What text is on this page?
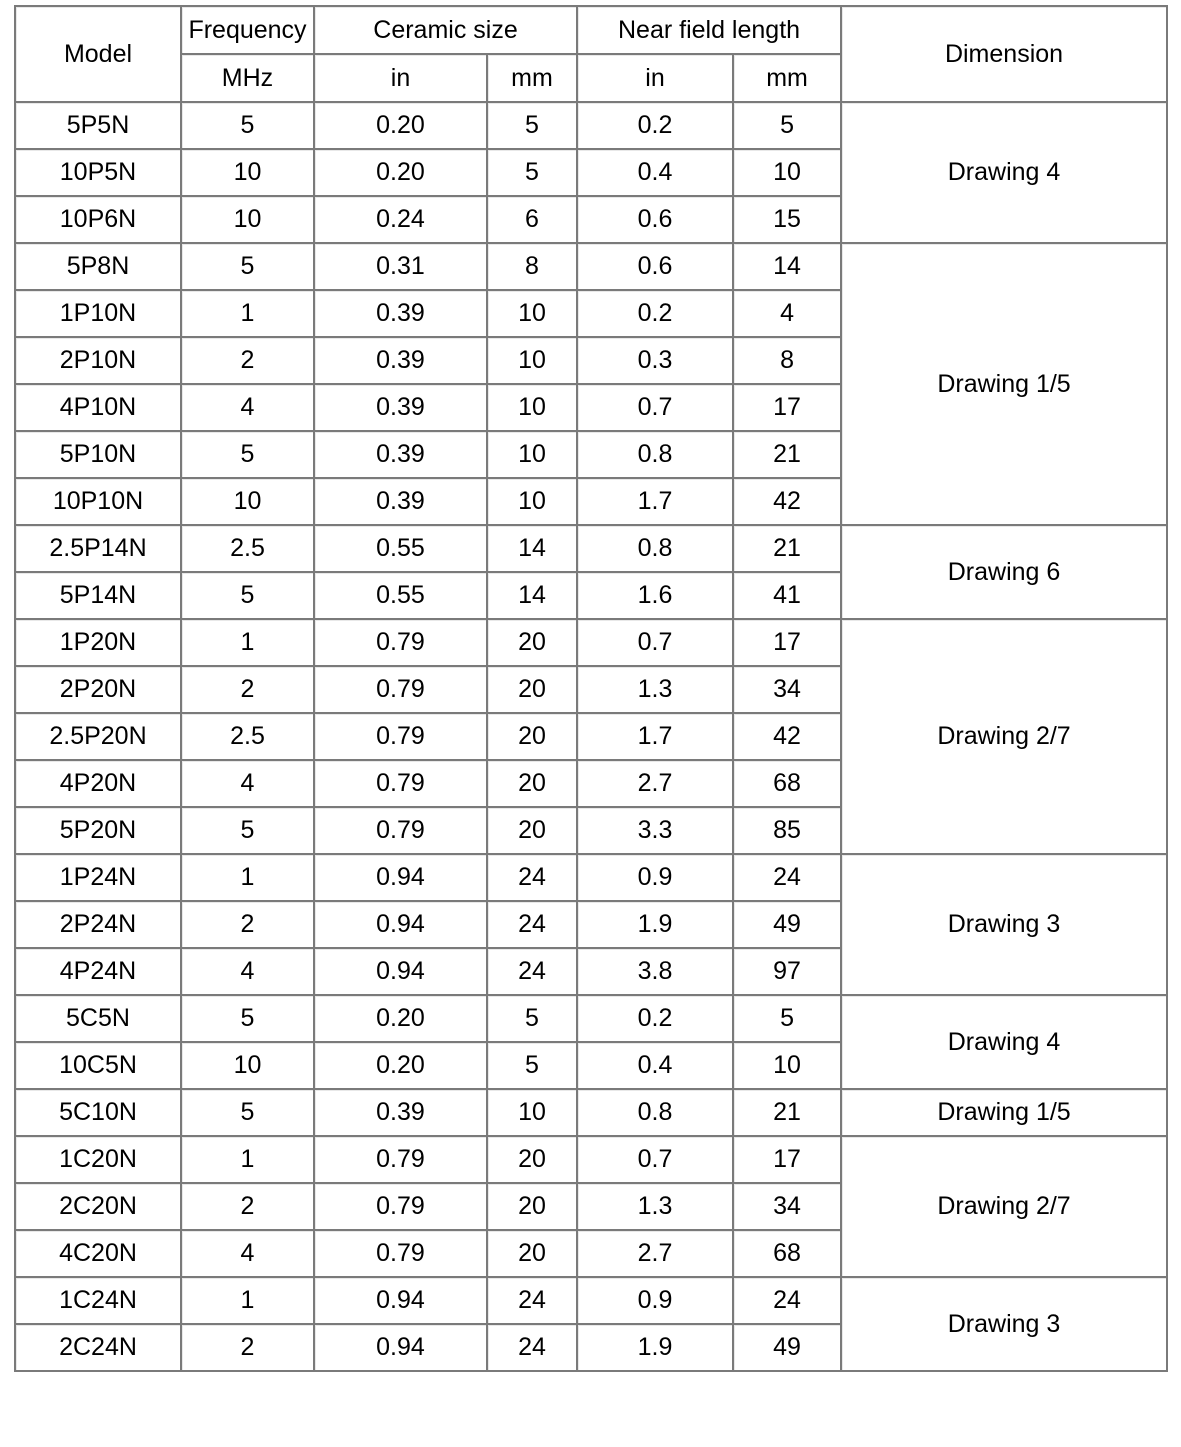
Model	Frequency	Ceramic size		Near field length		Dimension
	MHz	in	mm	in	mm	
5P5N	5	0.20	5	0.2	5	Drawing 4
10P5N	10	0.20	5	0.4	10	
10P6N	10	0.24	6	0.6	15	
5P8N	5	0.31	8	0.6	14	Drawing 1/5
1P10N	1	0.39	10	0.2	4	
2P10N	2	0.39	10	0.3	8	
4P10N	4	0.39	10	0.7	17	
5P10N	5	0.39	10	0.8	21	
10P10N	10	0.39	10	1.7	42	
2.5P14N	2.5	0.55	14	0.8	21	Drawing 6
5P14N	5	0.55	14	1.6	41	
1P20N	1	0.79	20	0.7	17	Drawing 2/7
2P20N	2	0.79	20	1.3	34	
2.5P20N	2.5	0.79	20	1.7	42	
4P20N	4	0.79	20	2.7	68	
5P20N	5	0.79	20	3.3	85	
1P24N	1	0.94	24	0.9	24	Drawing 3
2P24N	2	0.94	24	1.9	49	
4P24N	4	0.94	24	3.8	97	
5C5N	5	0.20	5	0.2	5	Drawing 4
10C5N	10	0.20	5	0.4	10	
5C10N	5	0.39	10	0.8	21	Drawing 1/5
1C20N	1	0.79	20	0.7	17	Drawing 2/7
2C20N	2	0.79	20	1.3	34	
4C20N	4	0.79	20	2.7	68	
1C24N	1	0.94	24	0.9	24	Drawing 3
2C24N	2	0.94	24	1.9	49	
